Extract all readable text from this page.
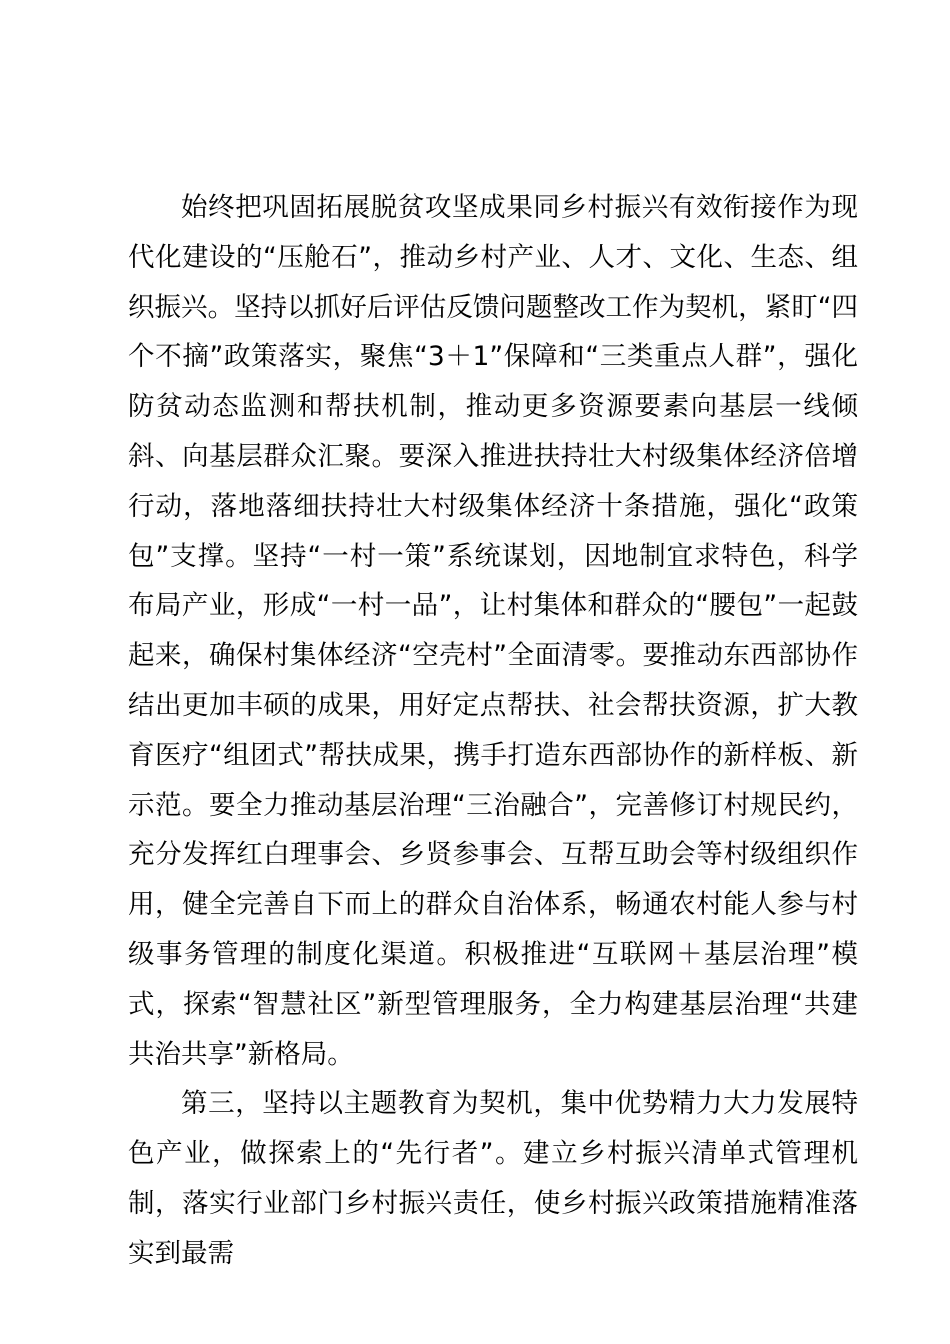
始终把巩固拓展脱贫攻坚成果同乡村振兴有效衔接作为现代化建设的“压舱石”，推动乡村产业、人才、文化、生态、组织振兴。坚持以抓好后评估反馈问题整改工作为契机，紧盯“四个不摘”政策落实，聚焦“3＋1”保障和“三类重点人群”，强化防贫动态监测和帮扶机制，推动更多资源要素向基层一线倾斜、向基层群众汇聚。要深入推进扶持壮大村级集体经济倍增行动，落地落细扶持壮大村级集体经济十条措施，强化“政策包”支撑。坚持“一村一策”系统谋划，因地制宜求特色，科学布局产业，形成“一村一品”，让村集体和群众的“腰包”一起鼓起来，确保村集体经济“空壳村”全面清零。要推动东西部协作结出更加丰硕的成果，用好定点帮扶、社会帮扶资源，扩大教育医疗“组团式”帮扶成果，携手打造东西部协作的新样板、新示范。要全力推动基层治理“三治融合”，完善修订村规民约，充分发挥红白理事会、乡贤参事会、互帮互助会等村级组织作用，健全完善自下而上的群众自治体系，畅通农村能人参与村级事务管理的制度化渠道。积极推进“互联网＋基层治理”模式，探索“智慧社区”新型管理服务，全力构建基层治理“共建共治共享”新格局。

第三，坚持以主题教育为契机，集中优势精力大力发展特色产业，做探索上的“先行者”。建立乡村振兴清单式管理机制，落实行业部门乡村振兴责任，使乡村振兴政策措施精准落实到最需
